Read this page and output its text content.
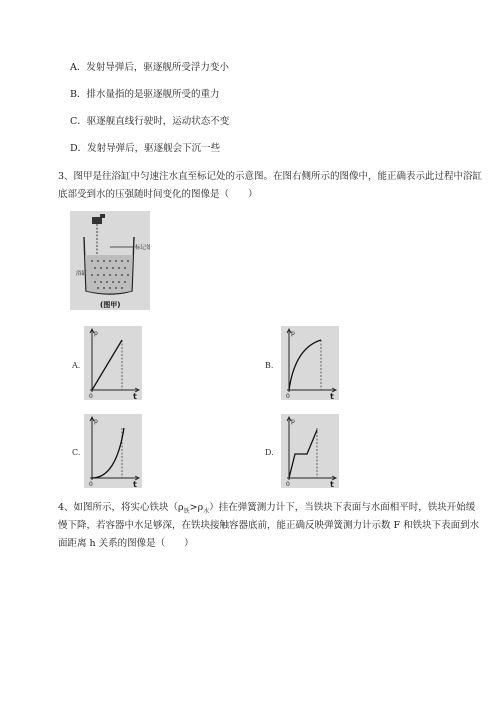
A．发射导弹后，驱逐舰所受浮力变小
B．排水量指的是驱逐舰所受的重力
C．驱逐舰直线行驶时，运动状态不变
D．发射导弹后，驱逐舰会下沉一些
3、图甲是往浴缸中匀速注水直至标记处的示意图。在图右侧所示的图像中，能正确表示此过程中浴缸
底部受到水的压强随时间变化的图像是（　　）
标记处
浴缸
(图甲)
A.
p
t
0
B.
p
t
0
C.
p
t
0
D.
p
t
0
4、如图所示，将实心铁块$(\rho_铁>\rho_水)$挂在弹簧测力计下，当铁块下表面与水面相平时，铁块开始缓
慢下降，若容器中水足够深，在铁块接触容器底前，能正确反映弹簧测力计示数 F 和铁块下表面到水
面距离 h 关系的图像是（　　）
